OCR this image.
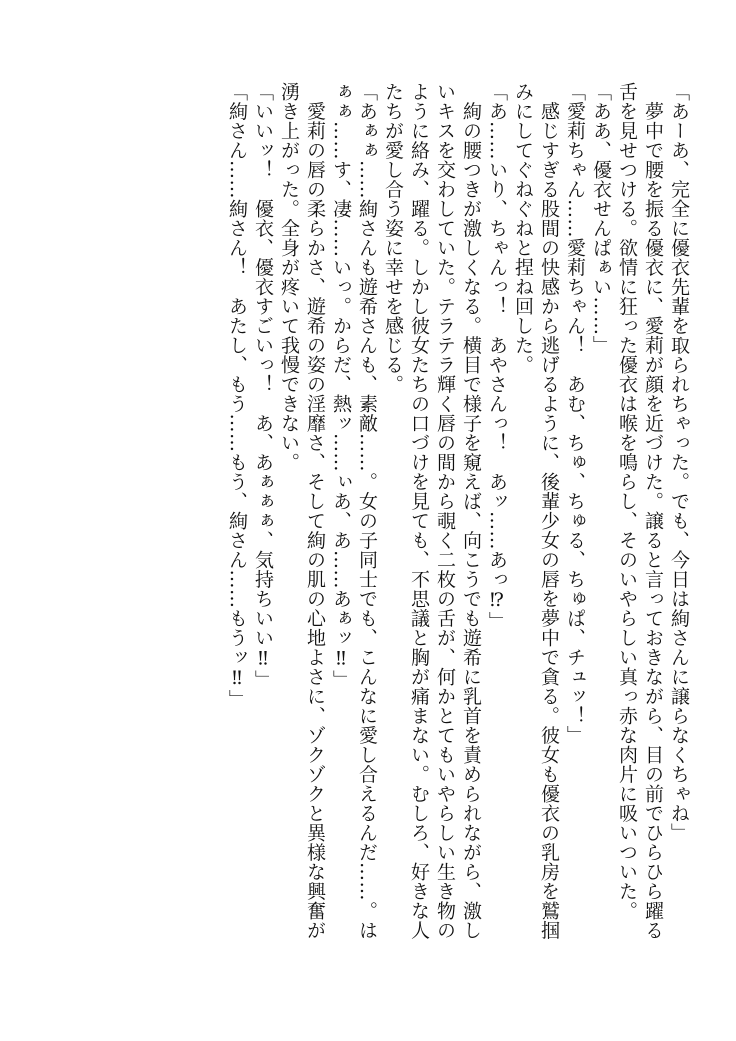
「あーあ、完全に優衣先輩を取られちゃった。でも、今日は絢さんに譲らなくちゃね」
　夢中で腰を振る優衣に、愛莉が顔を近づけた。譲ると言っておきながら、目の前でひらひら躍る
舌を見せつける。欲情に狂った優衣は喉を鳴らし、そのいやらしい真っ赤な肉片に吸いついた。
「ああ、優衣せんぱぁい……」
「愛莉ちゃん……愛莉ちゃん！　あむ、ちゅ、ちゅる、ちゅぱ、チュッ！」
　感じすぎる股間の快感から逃げるように、後輩少女の唇を夢中で貪る。彼女も優衣の乳房を鷲掴
みにしてぐねぐねと捏ね回した。
「あ……いり、ちゃんっ！　あやさんっ！　あッ……あっ⁉」
　絢の腰つきが激しくなる。横目で様子を窺えば、向こうでも遊希に乳首を責められながら、激し
いキスを交わしていた。テラテラ輝く唇の間から覗く二枚の舌が、何かとてもいやらしい生き物の
ように絡み、躍る。しかし彼女たちの口づけを見ても、不思議と胸が痛まない。むしろ、好きな人
たちが愛し合う姿に幸せを感じる。
「あぁぁ……絢さんも遊希さんも、素敵……。女の子同士でも、こんなに愛し合えるんだ……。は
ぁぁ……す、凄……いっ。からだ、熱ッ……ぃあ、あ……あぁッ‼」
　愛莉の唇の柔らかさ、遊希の姿の淫靡さ、そして絢の肌の心地よさに、ゾクゾクと異様な興奮が
湧き上がった。全身が疼いて我慢できない。
「いいッ！　優衣、優衣すごいっ！　あ、あぁぁぁ、気持ちいい‼」
「絢さん……絢さん！　あたし、もう……もう、絢さん……もうッ‼」
